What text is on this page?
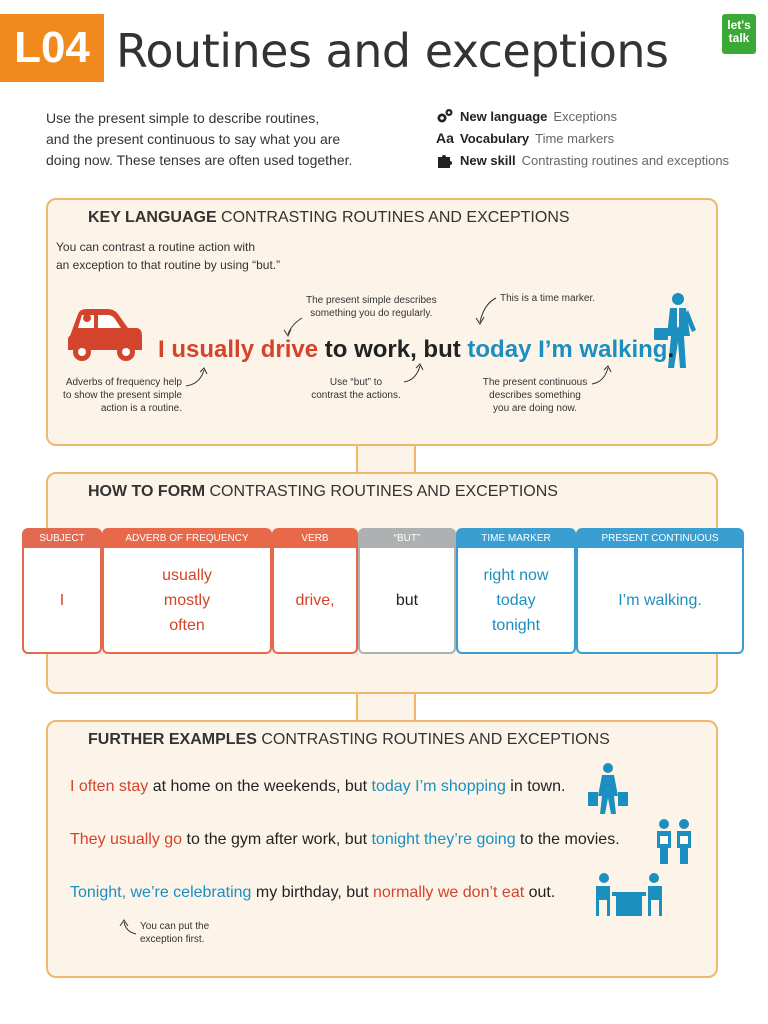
L04 Routines and exceptions	let's
talk
Use the present simple to describe routines,
and the present continuous to say what you are
doing now. These tenses are often used together.
New language Exceptions
Aa Vocabulary Time markers
New skill Contrasting routines and exceptions
KEY LANGUAGE CONTRASTING ROUTINES AND EXCEPTIONS
You can contrast a routine action with
an exception to that routine by using “but.”
The present simple describes
something you do regularly.
This is a time marker.
I usually drive to work, but today I’m walking.
Adverbs of frequency help
to show the present simple
action is a routine.
Use “but” to
contrast the actions.
The present continuous
describes something
you are doing now.
HOW TO FORM CONTRASTING ROUTINES AND EXCEPTIONS
SUBJECT
I
ADVERB OF FREQUENCY
usually
mostly
often
VERB
drive,
“BUT”
but
TIME MARKER
right now
today
tonight
PRESENT CONTINUOUS
I’m walking.
FURTHER EXAMPLES CONTRASTING ROUTINES AND EXCEPTIONS
You can put the
exception first.
I often stay at home on the weekends, but today I’m shopping in town.
They usually go to the gym after work, but tonight they’re going to the movies.
Tonight, we’re celebrating my birthday, but normally we don’t eat out.
